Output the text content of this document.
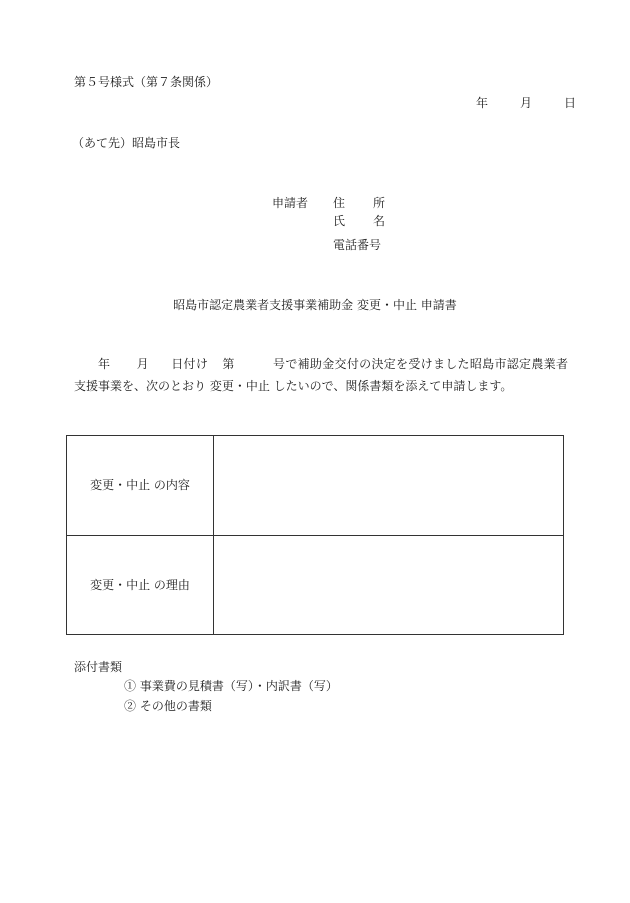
第５号様式（第７条関係）
年	月	日
（あて先）昭島市長
申請者 住 所
氏 名
電話番号
昭島市認定農業者支援事業補助金 変更・中止 申請書
年 月 日付け 第	号で補助金交付の決定を受けました昭島市認定農業者支援事業を、次のとおり 変更・中止 したいので、関係書類を添えて申請します。
変更・中止 の内容
変更・中止 の理由
添付書類
① 事業費の見積書（写）・内訳書（写）
② その他の書類
